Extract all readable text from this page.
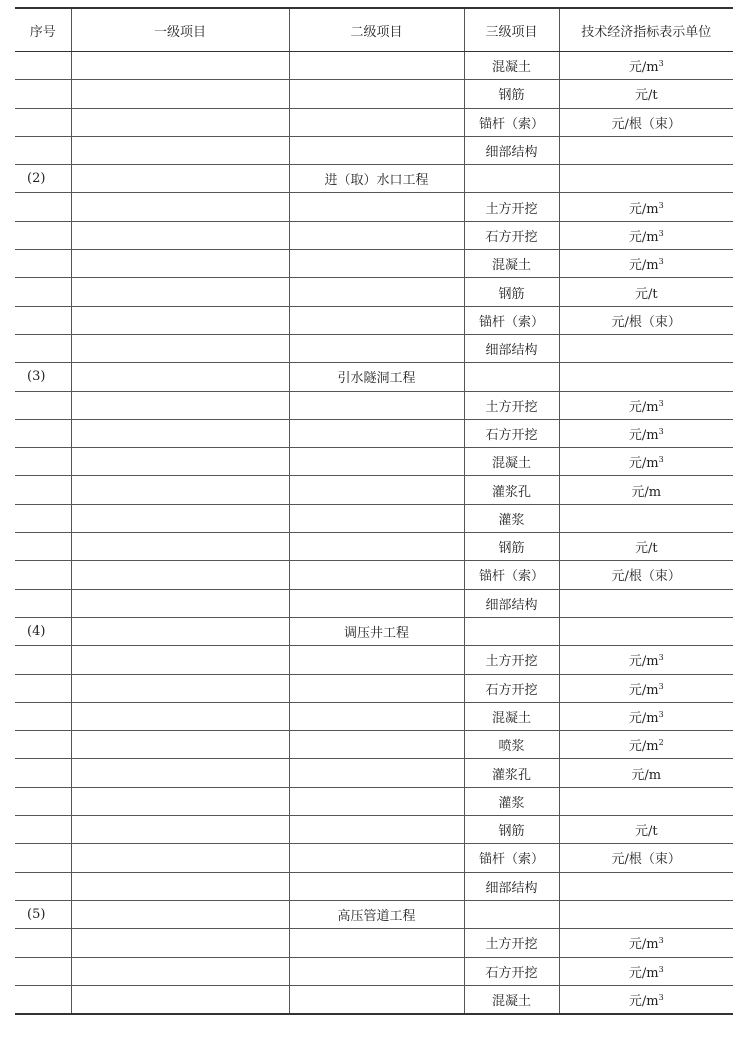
序号	一级项目	二级项目	三级项目	技术经济指标表示单位
			混凝土	元$/m^3$
			钢筋	元/t
			锚杆（索）	元/根（束）
			细部结构	
(2)		进（取）水口工程		
			土方开挖	元$/m^3$
			石方开挖	元$/m^3$
			混凝土	元$/m^3$
			钢筋	元/t
			锚杆（索）	元/根（束）
			细部结构	
(3)		引水隧洞工程		
			土方开挖	元$/m^3$
			石方开挖	元$/m^3$
			混凝土	元$/m^3$
			灌浆孔	元/m
			灌浆	
			钢筋	元/t
			锚杆（索）	元/根（束）
			细部结构	
(4)		调压井工程		
			土方开挖	元$/m^3$
			石方开挖	元$/m^3$
			混凝土	元$/m^3$
			喷浆	元$/m^2$
			灌浆孔	元/m
			灌浆	
			钢筋	元/t
			锚杆（索）	元/根（束）
			细部结构	
(5)		高压管道工程		
			土方开挖	元$/m^3$
			石方开挖	元$/m^3$
			混凝土	元$/m^3$
